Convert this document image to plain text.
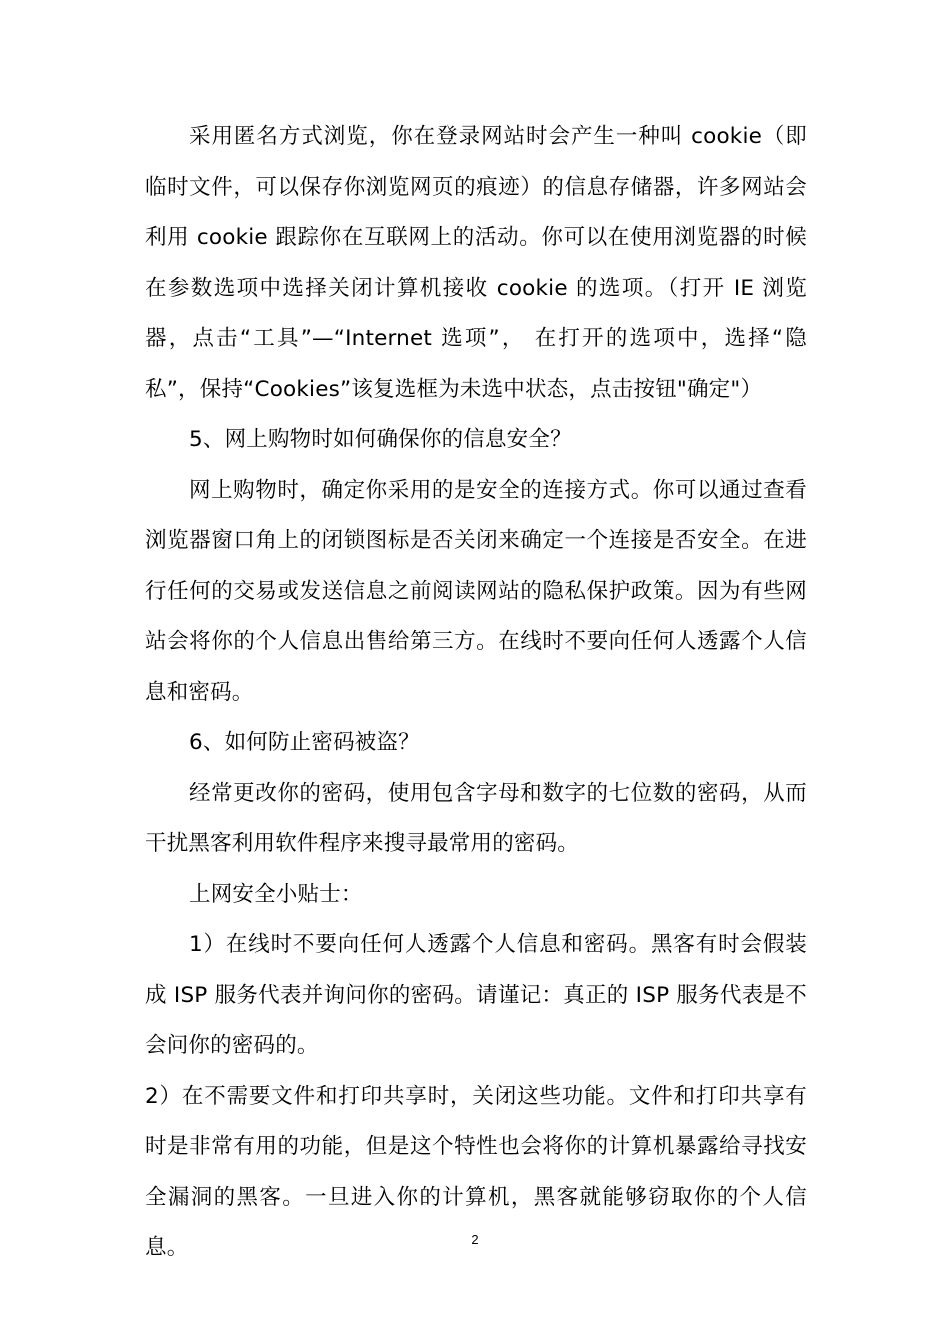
采用匿名方式浏览，你在登录网站时会产生一种叫 cookie（即临时文件，可以保存你浏览网页的痕迹）的信息存储器，许多网站会利用 cookie 跟踪你在互联网上的活动。你可以在使用浏览器的时候在参数选项中选择关闭计算机接收 cookie 的选项。（打开 IE 浏览器，点击“工具”—“Internet 选项”， 在打开的选项中，选择“隐私”，保持“Cookies”该复选框为未选中状态，点击按钮"确定"）

5、网上购物时如何确保你的信息安全？

网上购物时，确定你采用的是安全的连接方式。你可以通过查看浏览器窗口角上的闭锁图标是否关闭来确定一个连接是否安全。在进行任何的交易或发送信息之前阅读网站的隐私保护政策。因为有些网站会将你的个人信息出售给第三方。在线时不要向任何人透露个人信息和密码。

6、如何防止密码被盗？

经常更改你的密码，使用包含字母和数字的七位数的密码，从而干扰黑客利用软件程序来搜寻最常用的密码。

上网安全小贴士：

1）在线时不要向任何人透露个人信息和密码。黑客有时会假装成 ISP 服务代表并询问你的密码。请谨记：真正的 ISP 服务代表是不会问你的密码的。

2）在不需要文件和打印共享时，关闭这些功能。文件和打印共享有时是非常有用的功能，但是这个特性也会将你的计算机暴露给寻找安全漏洞的黑客。一旦进入你的计算机，黑客就能够窃取你的个人信息。	2
